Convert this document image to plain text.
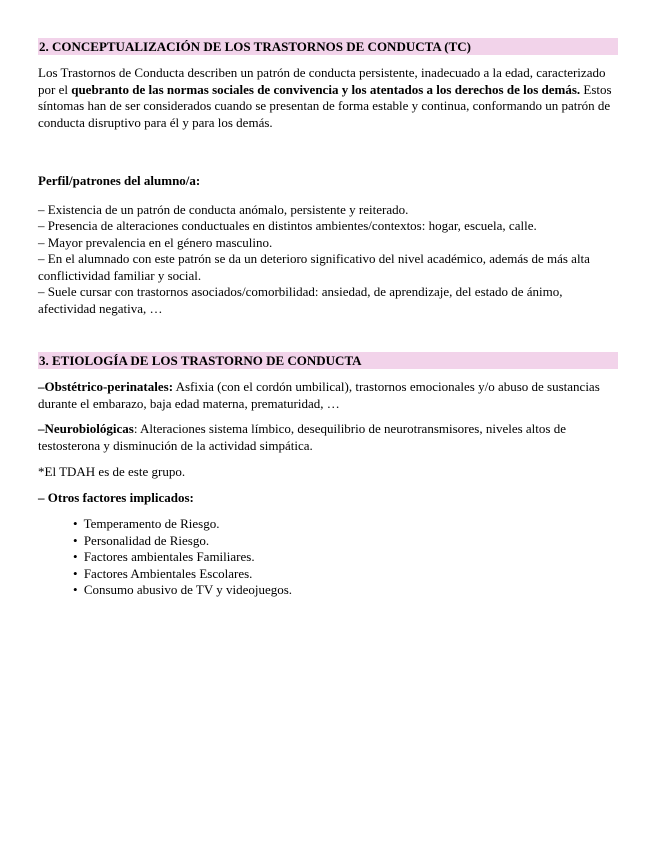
2. CONCEPTUALIZACIÓN DE LOS TRASTORNOS DE CONDUCTA (TC)

Los Trastornos de Conducta describen un patrón de conducta persistente, inadecuado a la edad, caracterizado por el quebranto de las normas sociales de convivencia y los atentados a los derechos de los demás. Estos síntomas han de ser considerados cuando se presentan de forma estable y continua, conformando un patrón de conducta disruptivo para él y para los demás.

Perfil/patrones del alumno/a:

– Existencia de un patrón de conducta anómalo, persistente y reiterado.

– Presencia de alteraciones conductuales en distintos ambientes/contextos: hogar, escuela, calle.

– Mayor prevalencia en el género masculino.

– En el alumnado con este patrón se da un deterioro significativo del nivel académico, además de más alta conflictividad familiar y social.

– Suele cursar con trastornos asociados/comorbilidad: ansiedad, de aprendizaje, del estado de ánimo, afectividad negativa, …

3. ETIOLOGÍA DE LOS TRASTORNO DE CONDUCTA

–Obstétrico-perinatales: Asfixia (con el cordón umbilical), trastornos emocionales y/o abuso de sustancias durante el embarazo, baja edad materna, prematuridad, …

–Neurobiológicas: Alteraciones sistema límbico, desequilibrio de neurotransmisores, niveles altos de testosterona y disminución de la actividad simpática.

*El TDAH es de este grupo.

– Otros factores implicados:

• Temperamento de Riesgo.
• Personalidad de Riesgo.
• Factores ambientales Familiares.
• Factores Ambientales Escolares.
• Consumo abusivo de TV y videojuegos.
